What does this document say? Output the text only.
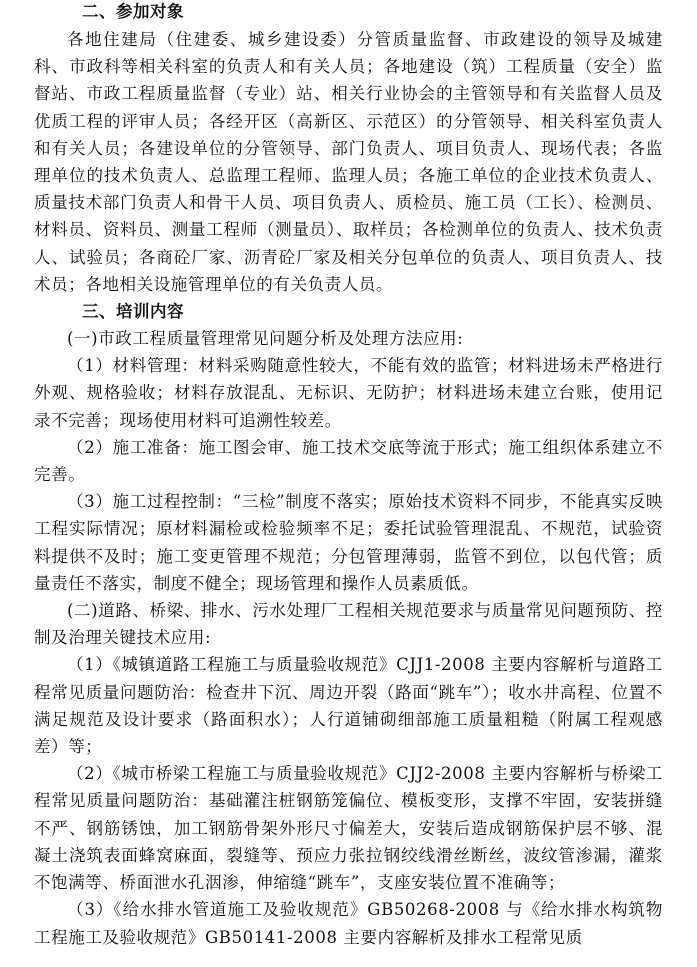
二、参加对象

各地住建局（住建委、城乡建设委）分管质量监督、市政建设的领导及城建科、市政科等相关科室的负责人和有关人员；各地建设（筑）工程质量（安全）监督站、市政工程质量监督（专业）站、相关行业协会的主管领导和有关监督人员及优质工程的评审人员；各经开区（高新区、示范区）的分管领导、相关科室负责人和有关人员；各建设单位的分管领导、部门负责人、项目负责人、现场代表；各监理单位的技术负责人、总监理工程师、监理人员；各施工单位的企业技术负责人、质量技术部门负责人和骨干人员、项目负责人、质检员、施工员（工长）、检测员、材料员、资料员、测量工程师（测量员）、取样员；各检测单位的负责人、技术负责人、试验员；各商砼厂家、沥青砼厂家及相关分包单位的负责人、项目负责人、技术员；各地相关设施管理单位的有关负责人员。

三、培训内容

(一)市政工程质量管理常见问题分析及处理方法应用:

（1）材料管理：材料采购随意性较大，不能有效的监管；材料进场未严格进行外观、规格验收；材料存放混乱、无标识、无防护；材料进场未建立台账，使用记录不完善；现场使用材料可追溯性较差。

（2）施工准备：施工图会审、施工技术交底等流于形式；施工组织体系建立不完善。

（3）施工过程控制：“三检”制度不落实；原始技术资料不同步，不能真实反映工程实际情况；原材料漏检或检验频率不足；委托试验管理混乱、不规范，试验资料提供不及时；施工变更管理不规范；分包管理薄弱，监管不到位，以包代管；质量责任不落实，制度不健全；现场管理和操作人员素质低。

(二)道路、桥梁、排水、污水处理厂工程相关规范要求与质量常见问题预防、控制及治理关键技术应用:

（1）《城镇道路工程施工与质量验收规范》CJJ1-2008 主要内容解析与道路工程常见质量问题防治：检查井下沉、周边开裂（路面“跳车”）；收水井高程、位置不满足规范及设计要求（路面积水）；人行道铺砌细部施工质量粗糙（附属工程观感差）等；

（2）《城市桥梁工程施工与质量验收规范》CJJ2-2008 主要内容解析与桥梁工程常见质量问题防治：基础灌注桩钢筋笼偏位、模板变形，支撑不牢固，安装拼缝不严、钢筋锈蚀，加工钢筋骨架外形尺寸偏差大，安装后造成钢筋保护层不够、混凝土浇筑表面蜂窝麻面，裂缝等、预应力张拉钢绞线滑丝断丝，波纹管渗漏，灌浆不饱满等、桥面泄水孔洇渗，伸缩缝“跳车”，支座安装位置不准确等；

（3）《给水排水管道施工及验收规范》GB50268-2008 与《给水排水构筑物工程施工及验收规范》GB50141-2008 主要内容解析及排水工程常见质
